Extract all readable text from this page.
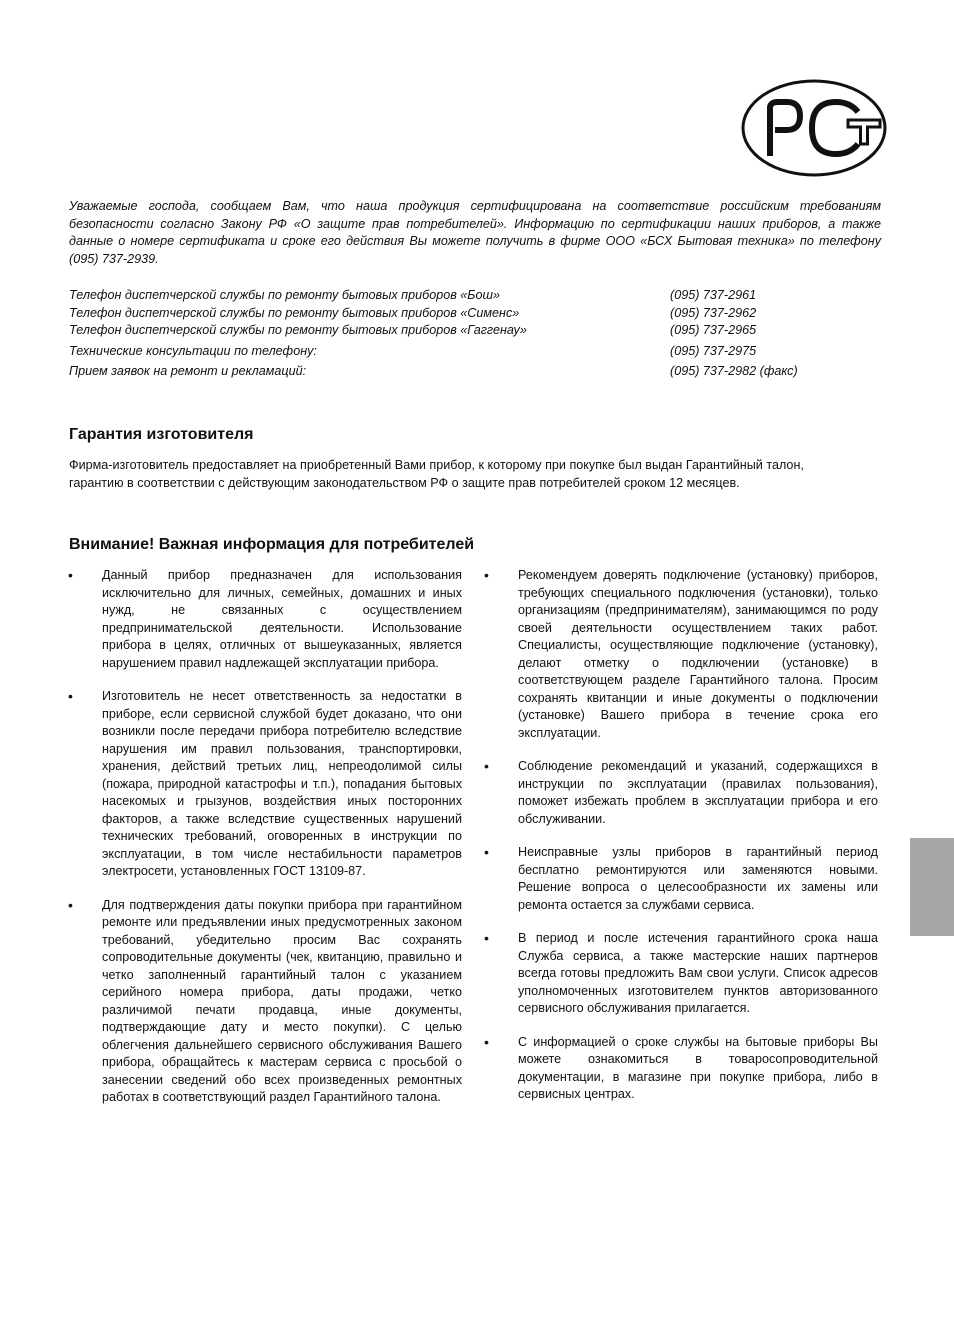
Уважаемые господа, сообщаем Вам, что наша продукция сертифицирована на соответствие российским требованиям безопасности согласно Закону РФ «О защите прав потребителей». Информацию по сертификации наших приборов, а также данные о номере сертификата и сроке его действия Вы можете получить в фирме ООО «БСХ Бытовая техника» по телефону (095) 737-2939.

Телефон диспетчерской службы по ремонту бытовых приборов «Бош»	(095) 737-2961
Телефон диспетчерской службы по ремонту бытовых приборов «Сименс»	(095) 737-2962
Телефон диспетчерской службы по ремонту бытовых приборов «Гаггенау»	(095) 737-2965
Технические консультации по телефону:	(095) 737-2975
Прием заявок на ремонт и рекламаций:	(095) 737-2982 (факс)
Гарантия изготовителя

Фирма-изготовитель предоставляет на приобретенный Вами прибор, к которому при покупке был выдан Гарантийный талон, гарантию в соответствии с действующим законодательством РФ о защите прав потребителей сроком 12 месяцев.

Внимание! Важная информация для потребителей
•	Данный прибор предназначен для использования исключительно для личных, семейных, домашних и иных нужд, не связанных с осуществлением предпринимательской деятельности. Использование прибора в целях, отличных от вышеуказанных, является нарушением правил надлежащей эксплуатации прибора.
•	Изготовитель не несет ответственность за недостатки в приборе, если сервисной службой будет доказано, что они возникли после передачи прибора потребителю вследствие нарушения им правил пользования, транспортировки, хранения, действий третьих лиц, непреодолимой силы (пожара, природной катастрофы и т.п.), попадания бытовых насекомых и грызунов, воздействия иных посторонних факторов, а также вследствие существенных нарушений технических требований, оговоренных в инструкции по эксплуатации, в том числе нестабильности параметров электросети, установленных ГОСТ 13109-87.
•	Для подтверждения даты покупки прибора при гарантийном ремонте или предъявлении иных предусмотренных законом требований, убедительно просим Вас сохранять сопроводительные документы (чек, квитанцию, правильно и четко заполненный гарантийный талон с указанием серийного номера прибора, даты продажи, четко различимой печати продавца, иные документы, подтверждающие дату и место покупки). С целью облегчения дальнейшего сервисного обслуживания Вашего прибора, обращайтесь к мастерам сервиса с просьбой о занесении сведений обо всех произведенных ремонтных работах в соответствующий раздел Гарантийного талона.
•	Рекомендуем доверять подключение (установку) приборов, требующих специального подключения (установки), только организациям (предпринимателям), занимающимся по роду своей деятельности осуществлением таких работ. Специалисты, осуществляющие подключение (установку), делают отметку о подключении (установке) в соответствующем разделе Гарантийного талона. Просим сохранять квитанции и иные документы о подключении (установке) Вашего прибора в течение срока его эксплуатации.
•	Соблюдение рекомендаций и указаний, содержащихся в инструкции по эксплуатации (правилах пользования), поможет избежать проблем в эксплуатации прибора и его обслуживании.
•	Неисправные узлы приборов в гарантийный период бесплатно ремонтируются или заменяются новыми. Решение вопроса о целесообразности их замены или ремонта остается за службами сервиса.
•	В период и после истечения гарантийного срока наша Служба сервиса, а также мастерские наших партнеров всегда готовы предложить Вам свои услуги. Список адресов уполномоченных изготовителем пунктов авторизованного сервисного обслуживания прилагается.
•	С информацией о сроке службы на бытовые приборы Вы можете ознакомиться в товаросопроводительной документации, в магазине при покупке прибора, либо в сервисных центрах.
